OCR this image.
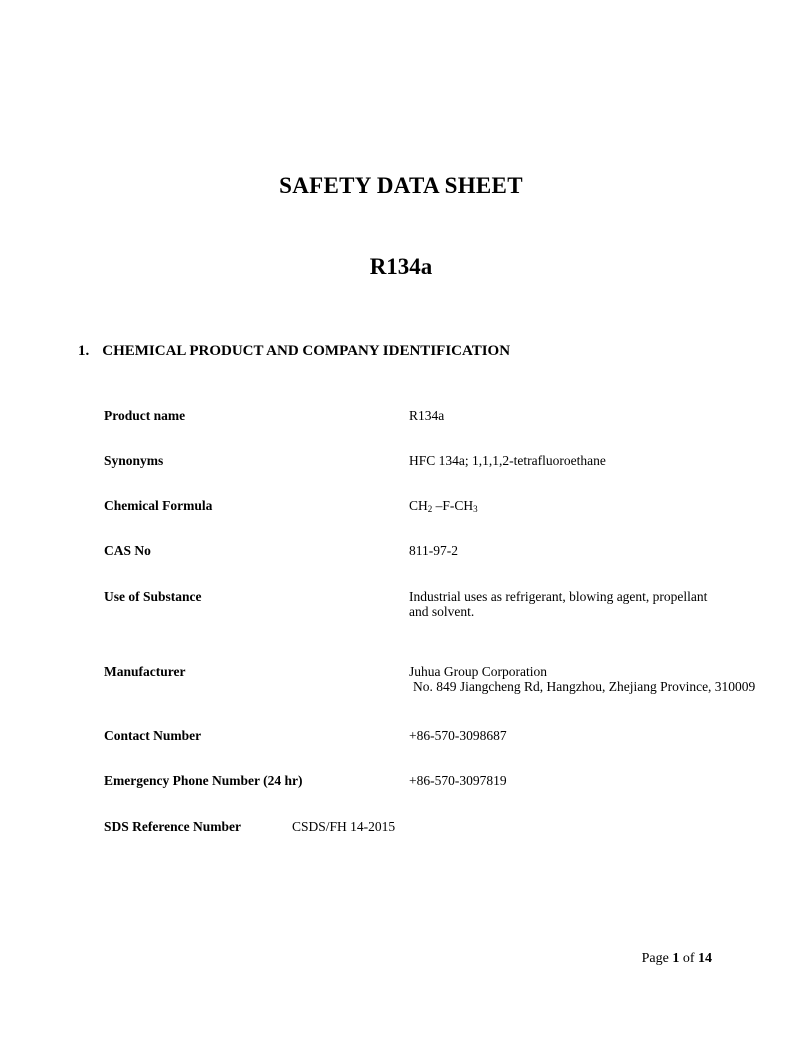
SAFETY DATA SHEET
R134a
1. CHEMICAL PRODUCT AND COMPANY IDENTIFICATION
Product name	R134a
Synonyms	HFC 134a; 1,1,1,2-tetrafluoroethane
Chemical Formula	$CH_2$ $-F-CH_3$
CAS No	811-97-2
Use of Substance	Industrial uses as refrigerant, blowing agent, propellant
and solvent.
Manufacturer	Juhua Group Corporation
No. 849 Jiangcheng Rd, Hangzhou, Zhejiang Province, 310009
Contact Number	+86-570-3098687
Emergency Phone Number (24 hr)	+86-570-3097819
SDS Reference Number	CSDS/FH 14-2015
Page 1 of 14
